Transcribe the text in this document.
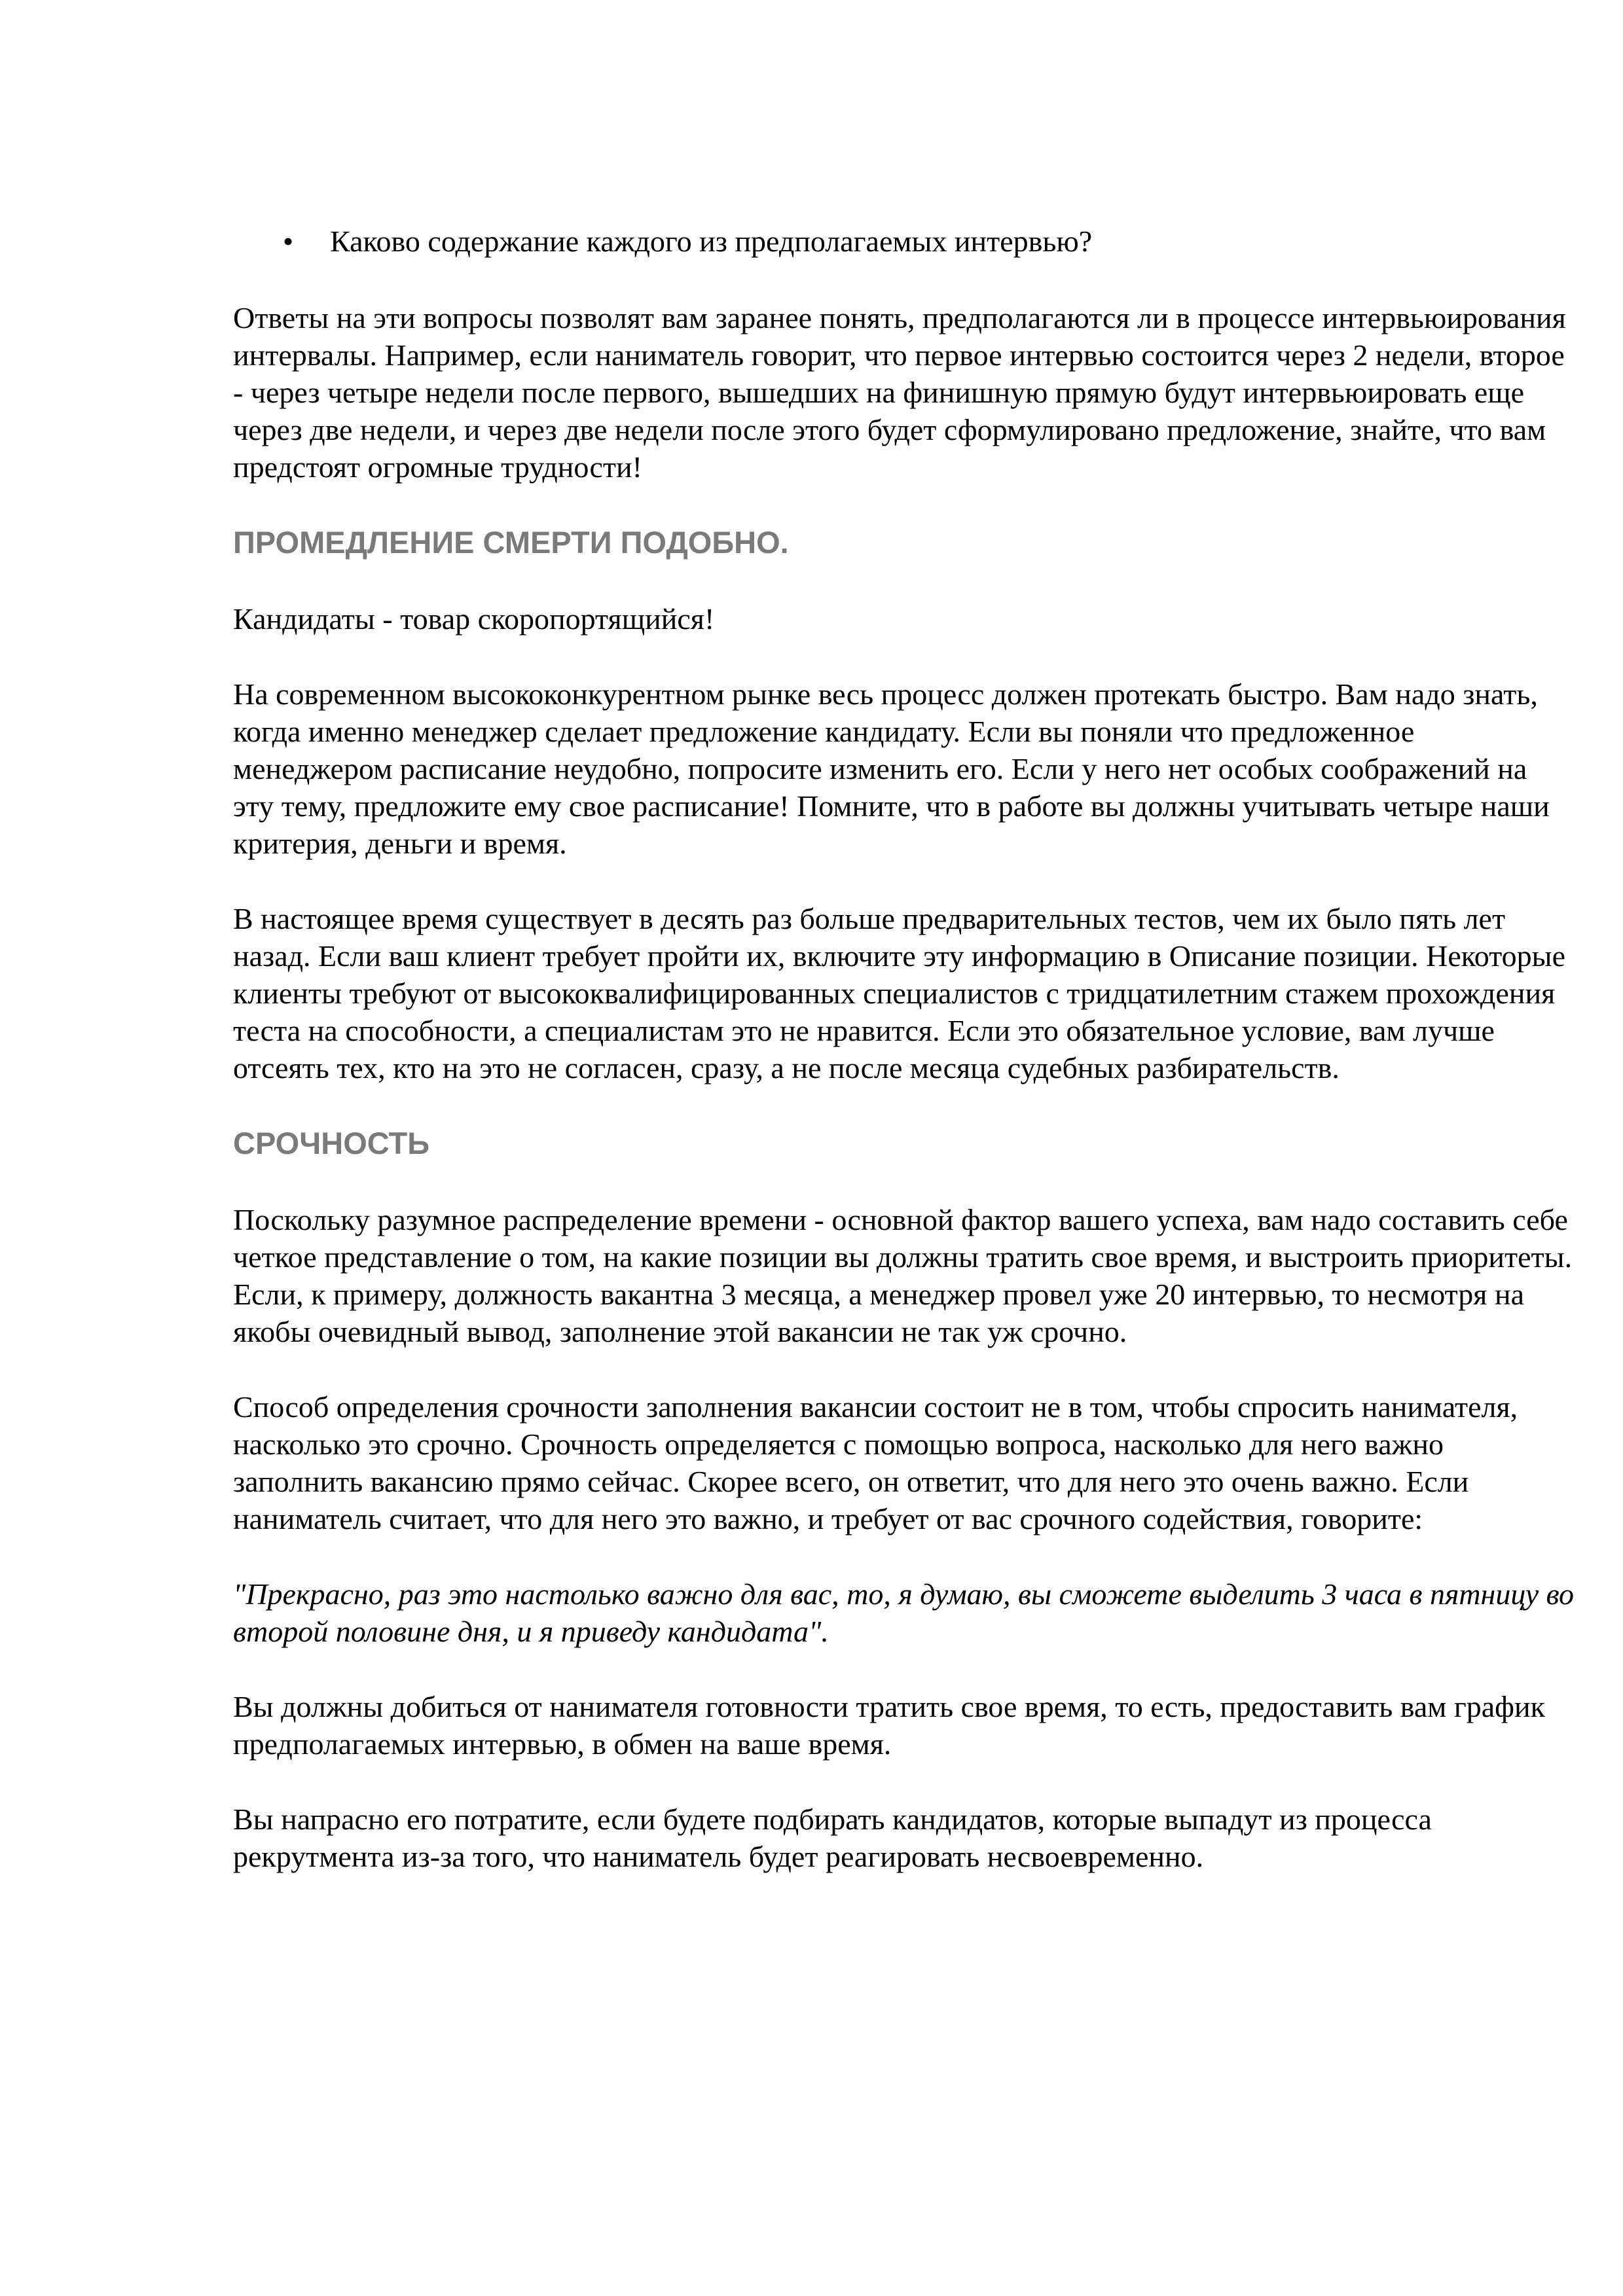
• Каково содержание каждого из предполагаемых интервью?

Ответы на эти вопросы позволят вам заранее понять, предполагаются ли в процессе интервьюирования интервалы. Например, если наниматель говорит, что первое интервью состоится через 2 недели, второе - через четыре недели после первого, вышедших на финишную прямую будут интервьюировать еще через две недели, и через две недели после этого будет сформулировано предложение, знайте, что вам предстоят огромные трудности!

ПРОМЕДЛЕНИЕ СМЕРТИ ПОДОБНО.

Кандидаты - товар скоропортящийся!

На современном высококонкурентном рынке весь процесс должен протекать быстро. Вам надо знать, когда именно менеджер сделает предложение кандидату. Если вы поняли что предложенное менеджером расписание неудобно, попросите изменить его. Если у него нет особых соображений на эту тему, предложите ему свое расписание! Помните, что в работе вы должны учитывать четыре наши критерия, деньги и время.

В настоящее время существует в десять раз больше предварительных тестов, чем их было пять лет назад. Если ваш клиент требует пройти их, включите эту информацию в Описание позиции. Некоторые клиенты требуют от высококвалифицированных специалистов с тридцатилетним стажем прохождения теста на способности, а специалистам это не нравится. Если это обязательное условие, вам лучше отсеять тех, кто на это не согласен, сразу, а не после месяца судебных разбирательств.

СРОЧНОСТЬ

Поскольку разумное распределение времени - основной фактор вашего успеха, вам надо составить себе четкое представление о том, на какие позиции вы должны тратить свое время, и выстроить приоритеты. Если, к примеру, должность вакантна 3 месяца, а менеджер провел уже 20 интервью, то несмотря на якобы очевидный вывод, заполнение этой вакансии не так уж срочно.

Способ определения срочности заполнения вакансии состоит не в том, чтобы спросить нанимателя, насколько это срочно. Срочность определяется с помощью вопроса, насколько для него важно заполнить вакансию прямо сейчас. Скорее всего, он ответит, что для него это очень важно. Если наниматель считает, что для него это важно, и требует от вас срочного содействия, говорите:

"Прекрасно, раз это настолько важно для вас, то, я думаю, вы сможете выделить 3 часа в пятницу во второй половине дня, и я приведу кандидата".

Вы должны добиться от нанимателя готовности тратить свое время, то есть, предоставить вам график предполагаемых интервью, в обмен на ваше время.

Вы напрасно его потратите, если будете подбирать кандидатов, которые выпадут из процесса рекрутмента из-за того, что наниматель будет реагировать несвоевременно.
